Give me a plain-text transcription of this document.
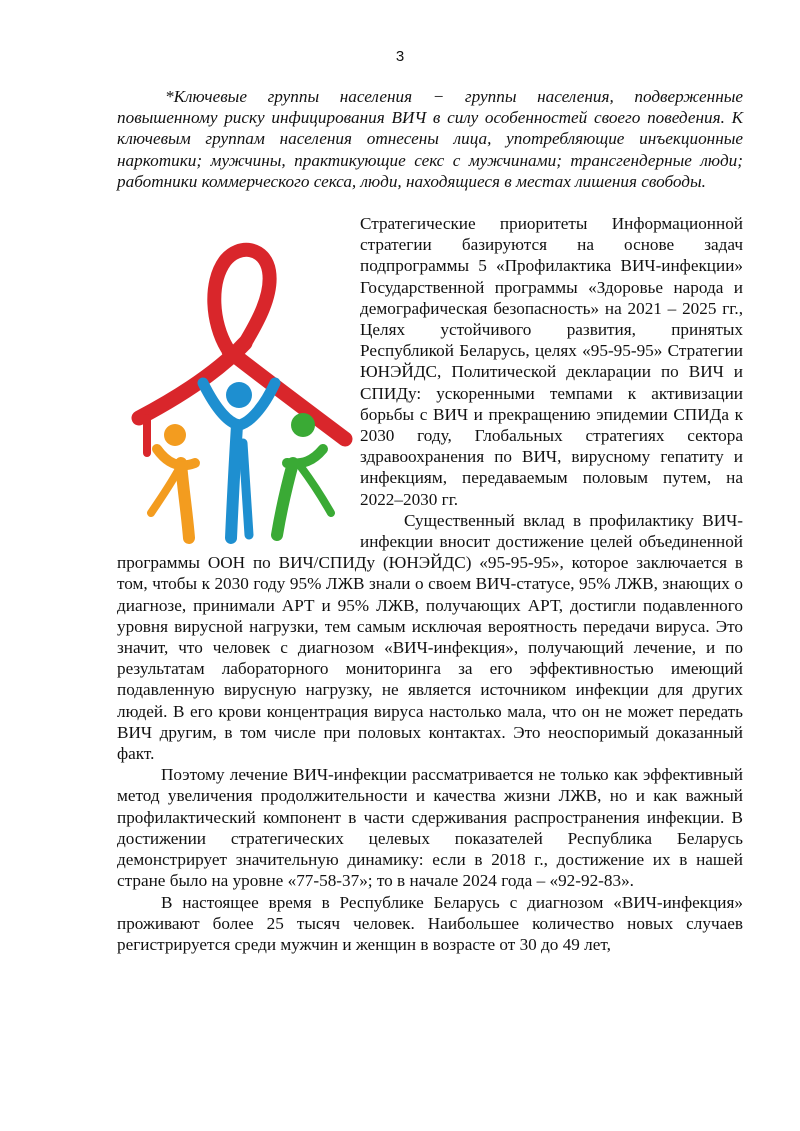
3

*Ключевые группы населения − группы населения, подверженные повышенному риску инфицирования ВИЧ в силу особенностей своего поведения. К ключевым группам населения отнесены лица, употребляющие инъекционные наркотики; мужчины, практикующие секс с мужчинами; трансгендерные люди; работники коммерческого секса, люди, находящиеся в местах лишения свободы.

Стратегические приоритеты Информационной стратегии базируются на основе задач подпрограммы 5 «Профилактика ВИЧ-инфекции» Государственной программы «Здоровье народа и демографическая безопасность» на 2021 – 2025 гг., Целях устойчивого развития, принятых Республикой Беларусь, целях «95-95-95» Стратегии ЮНЭЙДС, Политической декларации по ВИЧ и СПИДу: ускоренными темпами к активизации борьбы с ВИЧ и прекращению эпидемии СПИДа к 2030 году, Глобальных стратегиях сектора здравоохранения по ВИЧ, вирусному гепатиту и инфекциям, передаваемым половым путем, на 2022–2030 гг.

Существенный вклад в профилактику ВИЧ-инфекции вносит достижение целей объединенной программы ООН по ВИЧ/СПИДу (ЮНЭЙДС) «95-95-95», которое заключается в том, чтобы к 2030 году 95% ЛЖВ знали о своем ВИЧ-статусе, 95% ЛЖВ, знающих о диагнозе, принимали АРТ и 95% ЛЖВ, получающих АРТ, достигли подавленного уровня вирусной нагрузки, тем самым исключая вероятность передачи вируса. Это значит, что человек с диагнозом «ВИЧ-инфекция», получающий лечение, и по результатам лабораторного мониторинга за его эффективностью имеющий подавленную вирусную нагрузку, не является источником инфекции для других людей. В его крови концентрация вируса настолько мала, что он не может передать ВИЧ другим, в том числе при половых контактах. Это неоспоримый доказанный факт.

Поэтому лечение ВИЧ-инфекции рассматривается не только как эффективный метод увеличения продолжительности и качества жизни ЛЖВ, но и как важный профилактический компонент в части сдерживания распространения инфекции. В достижении стратегических целевых показателей Республика Беларусь демонстрирует значительную динамику: если в 2018 г., достижение их в нашей стране было на уровне «77-58-37»; то в начале 2024 года – «92-92-83».

В настоящее время в Республике Беларусь с диагнозом «ВИЧ-инфекция» проживают более 25 тысяч человек. Наибольшее количество новых случаев регистрируется среди мужчин и женщин в возрасте от 30 до 49 лет,
